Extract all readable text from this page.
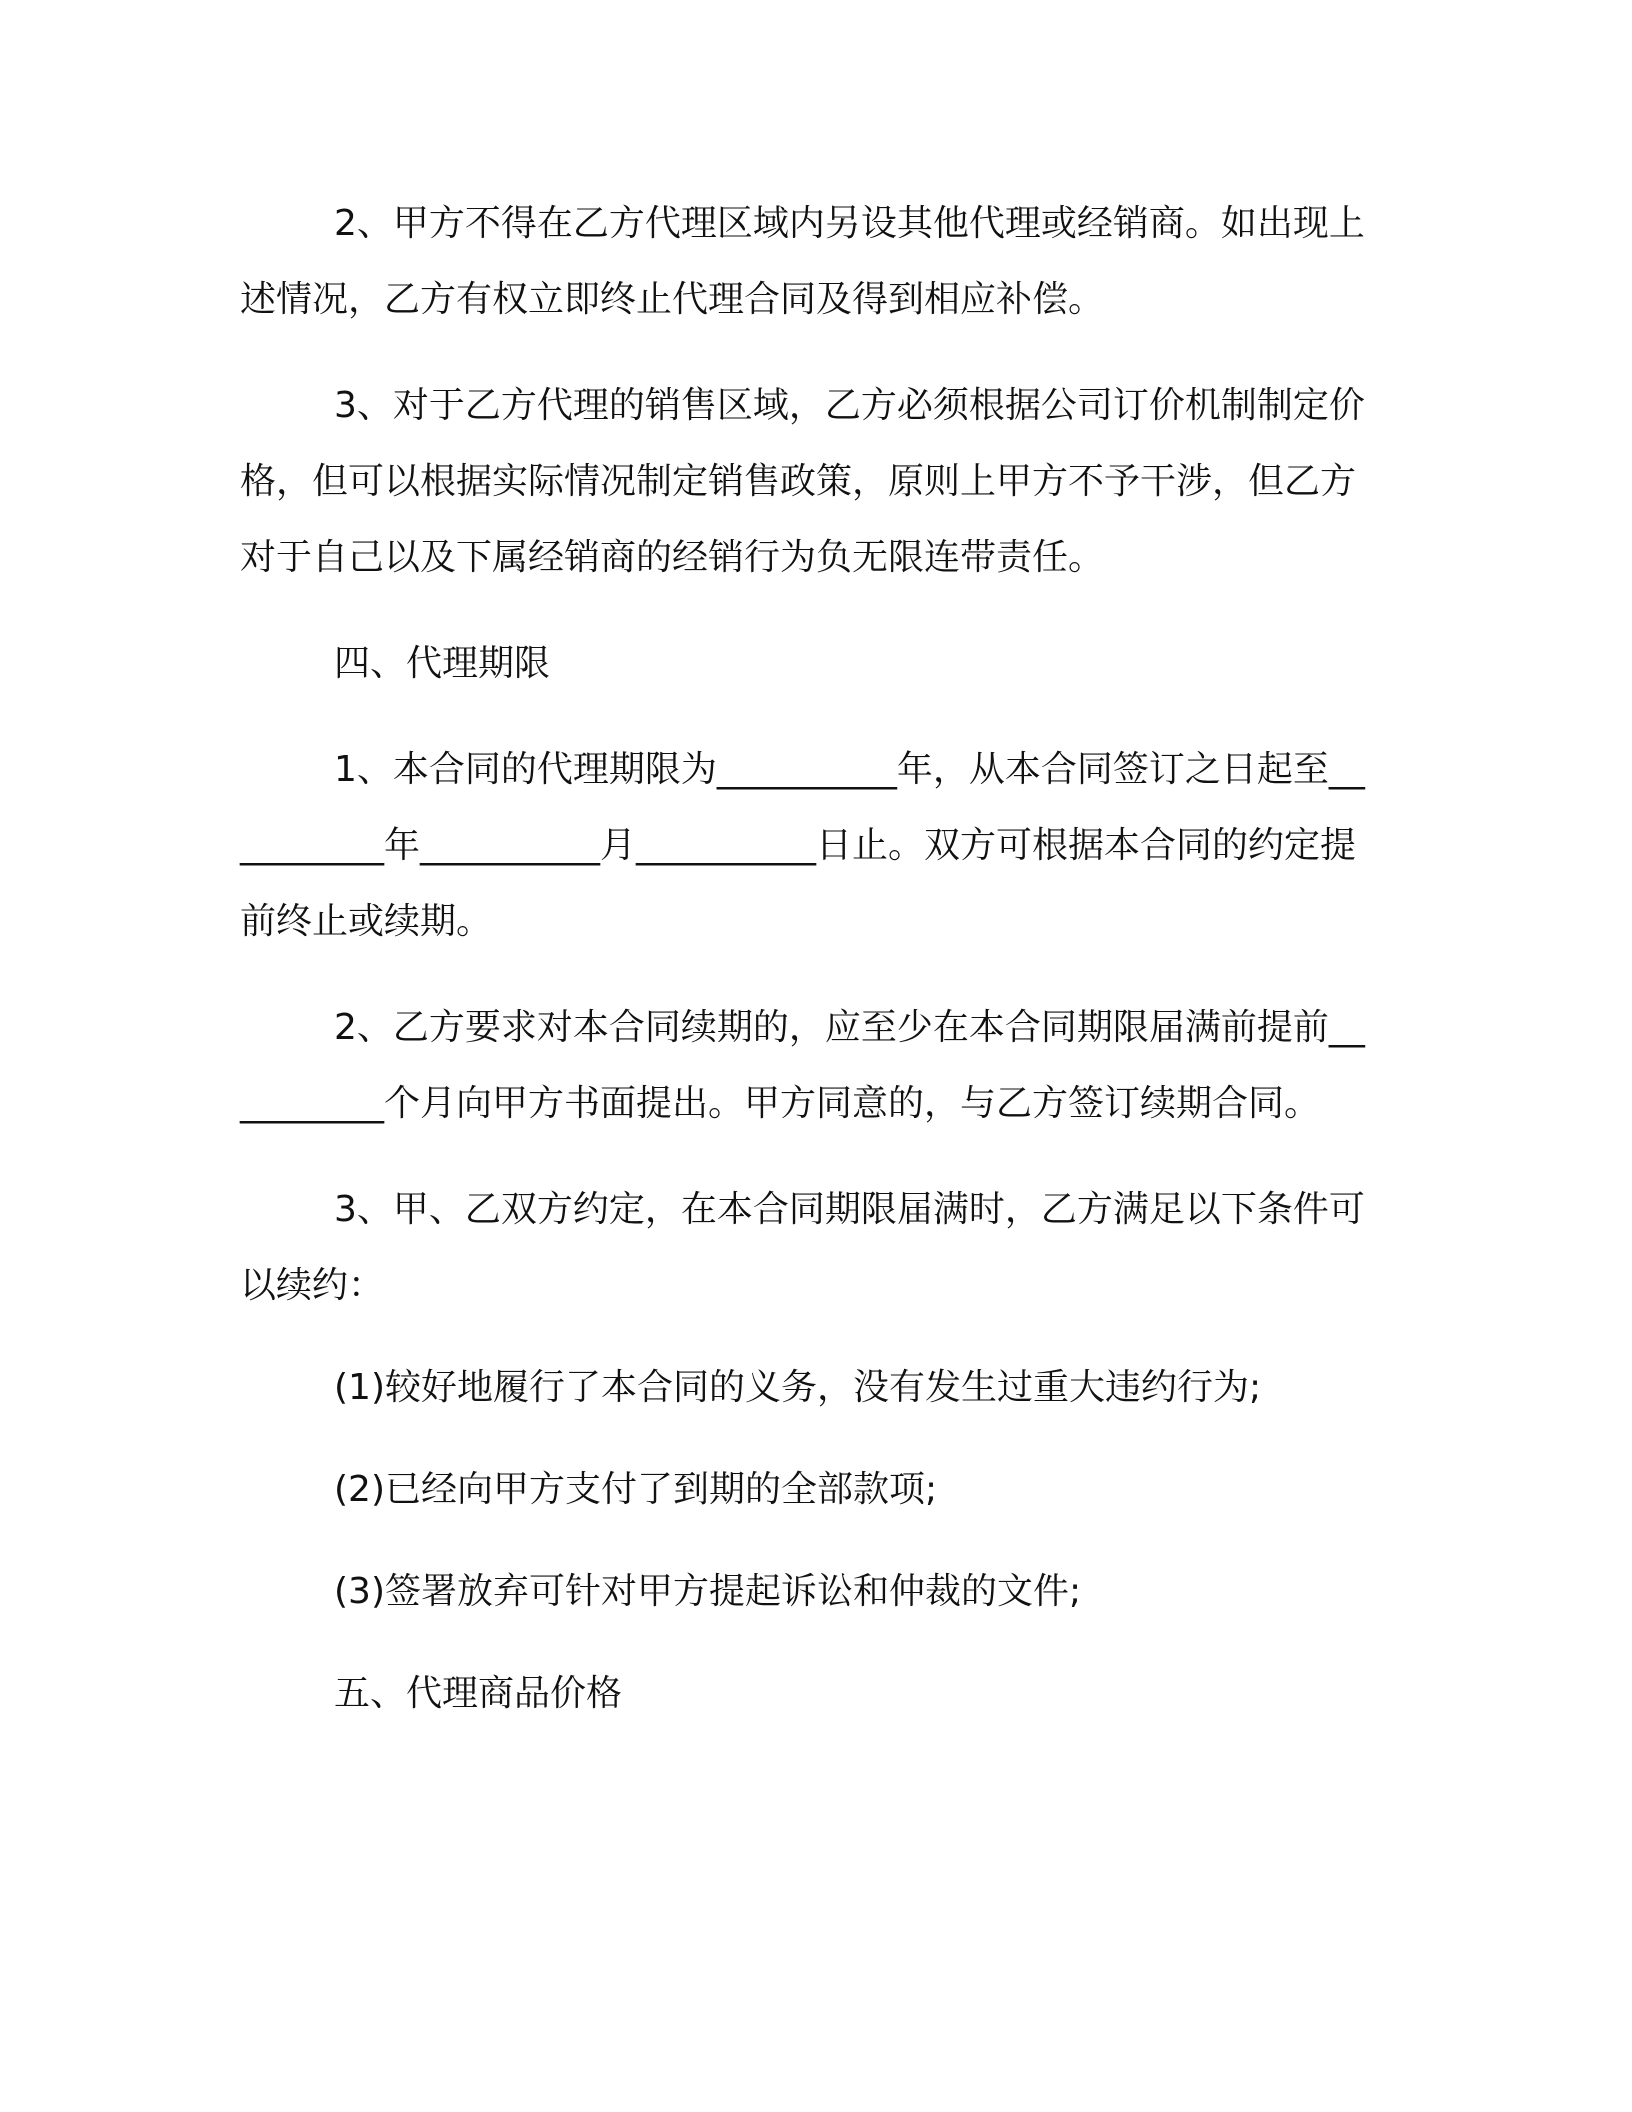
2、甲方不得在乙方代理区域内另设其他代理或经销商。如出现上述情况，乙方有权立即终止代理合同及得到相应补偿。

3、对于乙方代理的销售区域，乙方必须根据公司订价机制制定价格，但可以根据实际情况制定销售政策，原则上甲方不予干涉，但乙方对于自己以及下属经销商的经销行为负无限连带责任。

四、代理期限

1、本合同的代理期限为__________年，从本合同签订之日起至__________年__________月__________日止。双方可根据本合同的约定提前终止或续期。

2、乙方要求对本合同续期的，应至少在本合同期限届满前提前__________个月向甲方书面提出。甲方同意的，与乙方签订续期合同。

3、甲、乙双方约定，在本合同期限届满时，乙方满足以下条件可以续约：

(1)较好地履行了本合同的义务，没有发生过重大违约行为;

(2)已经向甲方支付了到期的全部款项;

(3)签署放弃可针对甲方提起诉讼和仲裁的文件;

五、代理商品价格
